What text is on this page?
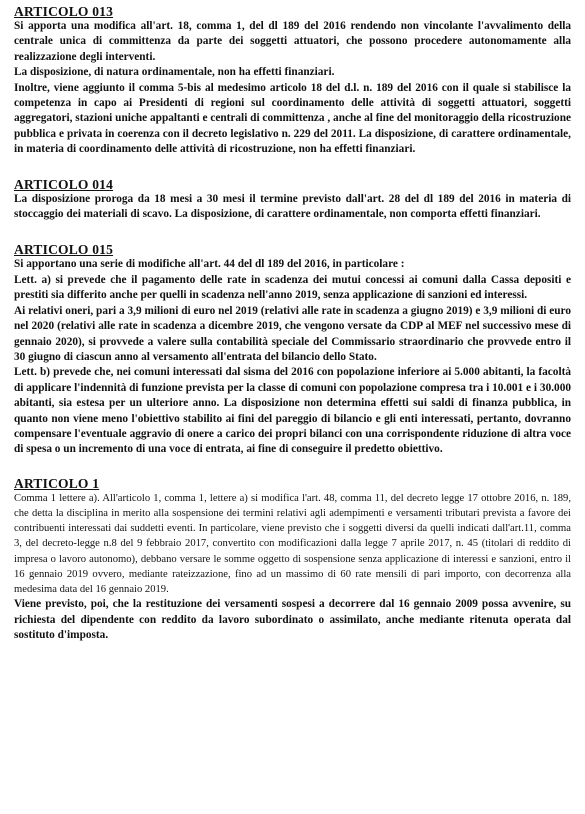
ARTICOLO 013

Si apporta una modifica all'art. 18, comma 1, del dl 189 del 2016 rendendo non vincolante l'avvalimento della centrale unica di committenza da parte dei soggetti attuatori, che possono procedere autonomamente alla realizzazione degli interventi.

La disposizione, di natura ordinamentale, non ha effetti finanziari.

Inoltre, viene aggiunto il comma 5-bis al medesimo articolo 18 del d.l. n. 189 del 2016 con il quale si stabilisce la competenza in capo ai Presidenti di regioni sul coordinamento delle attività di soggetti attuatori, soggetti aggregatori, stazioni uniche appaltanti e centrali di committenza , anche al fine del monitoraggio della ricostruzione pubblica e privata in coerenza con il decreto legislativo n. 229 del 2011. La disposizione, di carattere ordinamentale, in materia di coordinamento delle attività di ricostruzione, non ha effetti finanziari.

ARTICOLO 014

La disposizione proroga da 18 mesi a 30 mesi il termine previsto dall'art. 28 del dl 189 del 2016 in materia di stoccaggio dei materiali di scavo. La disposizione, di carattere ordinamentale, non comporta effetti finanziari.

ARTICOLO 015

Si apportano una serie di modifiche all'art. 44 del dl 189 del 2016, in particolare :

Lett. a) si prevede che il pagamento delle rate in scadenza dei mutui concessi ai comuni dalla Cassa depositi e prestiti sia differito anche per quelli in scadenza nell'anno 2019, senza applicazione di sanzioni ed interessi.

Ai relativi oneri, pari a 3,9 milioni di euro nel 2019 (relativi alle rate in scadenza a giugno 2019) e 3,9 milioni di euro nel 2020 (relativi alle rate in scadenza a dicembre 2019, che vengono versate da CDP al MEF nel successivo mese di gennaio 2020), si provvede a valere sulla contabilità speciale del Commissario straordinario che provvede entro il 30 giugno di ciascun anno al versamento all'entrata del bilancio dello Stato.

Lett. b) prevede che, nei comuni interessati dal sisma del 2016 con popolazione inferiore ai 5.000 abitanti, la facoltà di applicare l'indennità di funzione prevista per la classe di comuni con popolazione compresa tra i 10.001 e i 30.000 abitanti, sia estesa per un ulteriore anno. La disposizione non determina effetti sui saldi di finanza pubblica, in quanto non viene meno l'obiettivo stabilito ai fini del pareggio di bilancio e gli enti interessati, pertanto, dovranno compensare l'eventuale aggravio di onere a carico dei propri bilanci con una corrispondente riduzione di altra voce di spesa o un incremento di una voce di entrata, ai fine di conseguire il predetto obiettivo.

ARTICOLO 1

Comma 1 lettere a). All'articolo 1, comma 1, lettere a) si modifica l'art. 48, comma 11, del decreto legge 17 ottobre 2016, n. 189, che detta la disciplina in merito alla sospensione dei termini relativi agli adempimenti e versamenti tributari prevista a favore dei contribuenti interessati dai suddetti eventi. In particolare, viene previsto che i soggetti diversi da quelli indicati dall'art.11, comma 3, del decreto-legge n.8 del 9 febbraio 2017, convertito con modificazioni dalla legge 7 aprile 2017, n. 45 (titolari di reddito di impresa o lavoro autonomo), debbano versare le somme oggetto di sospensione senza applicazione di interessi e sanzioni, entro il 16 gennaio 2019 ovvero, mediante rateizzazione, fino ad un massimo di 60 rate mensili di pari importo, con decorrenza alla medesima data del 16 gennaio 2019.

Viene previsto, poi, che la restituzione dei versamenti sospesi a decorrere dal 16 gennaio 2009 possa avvenire, su richiesta del dipendente con reddito da lavoro subordinato o assimilato, anche mediante ritenuta operata dal sostituto d'imposta.
